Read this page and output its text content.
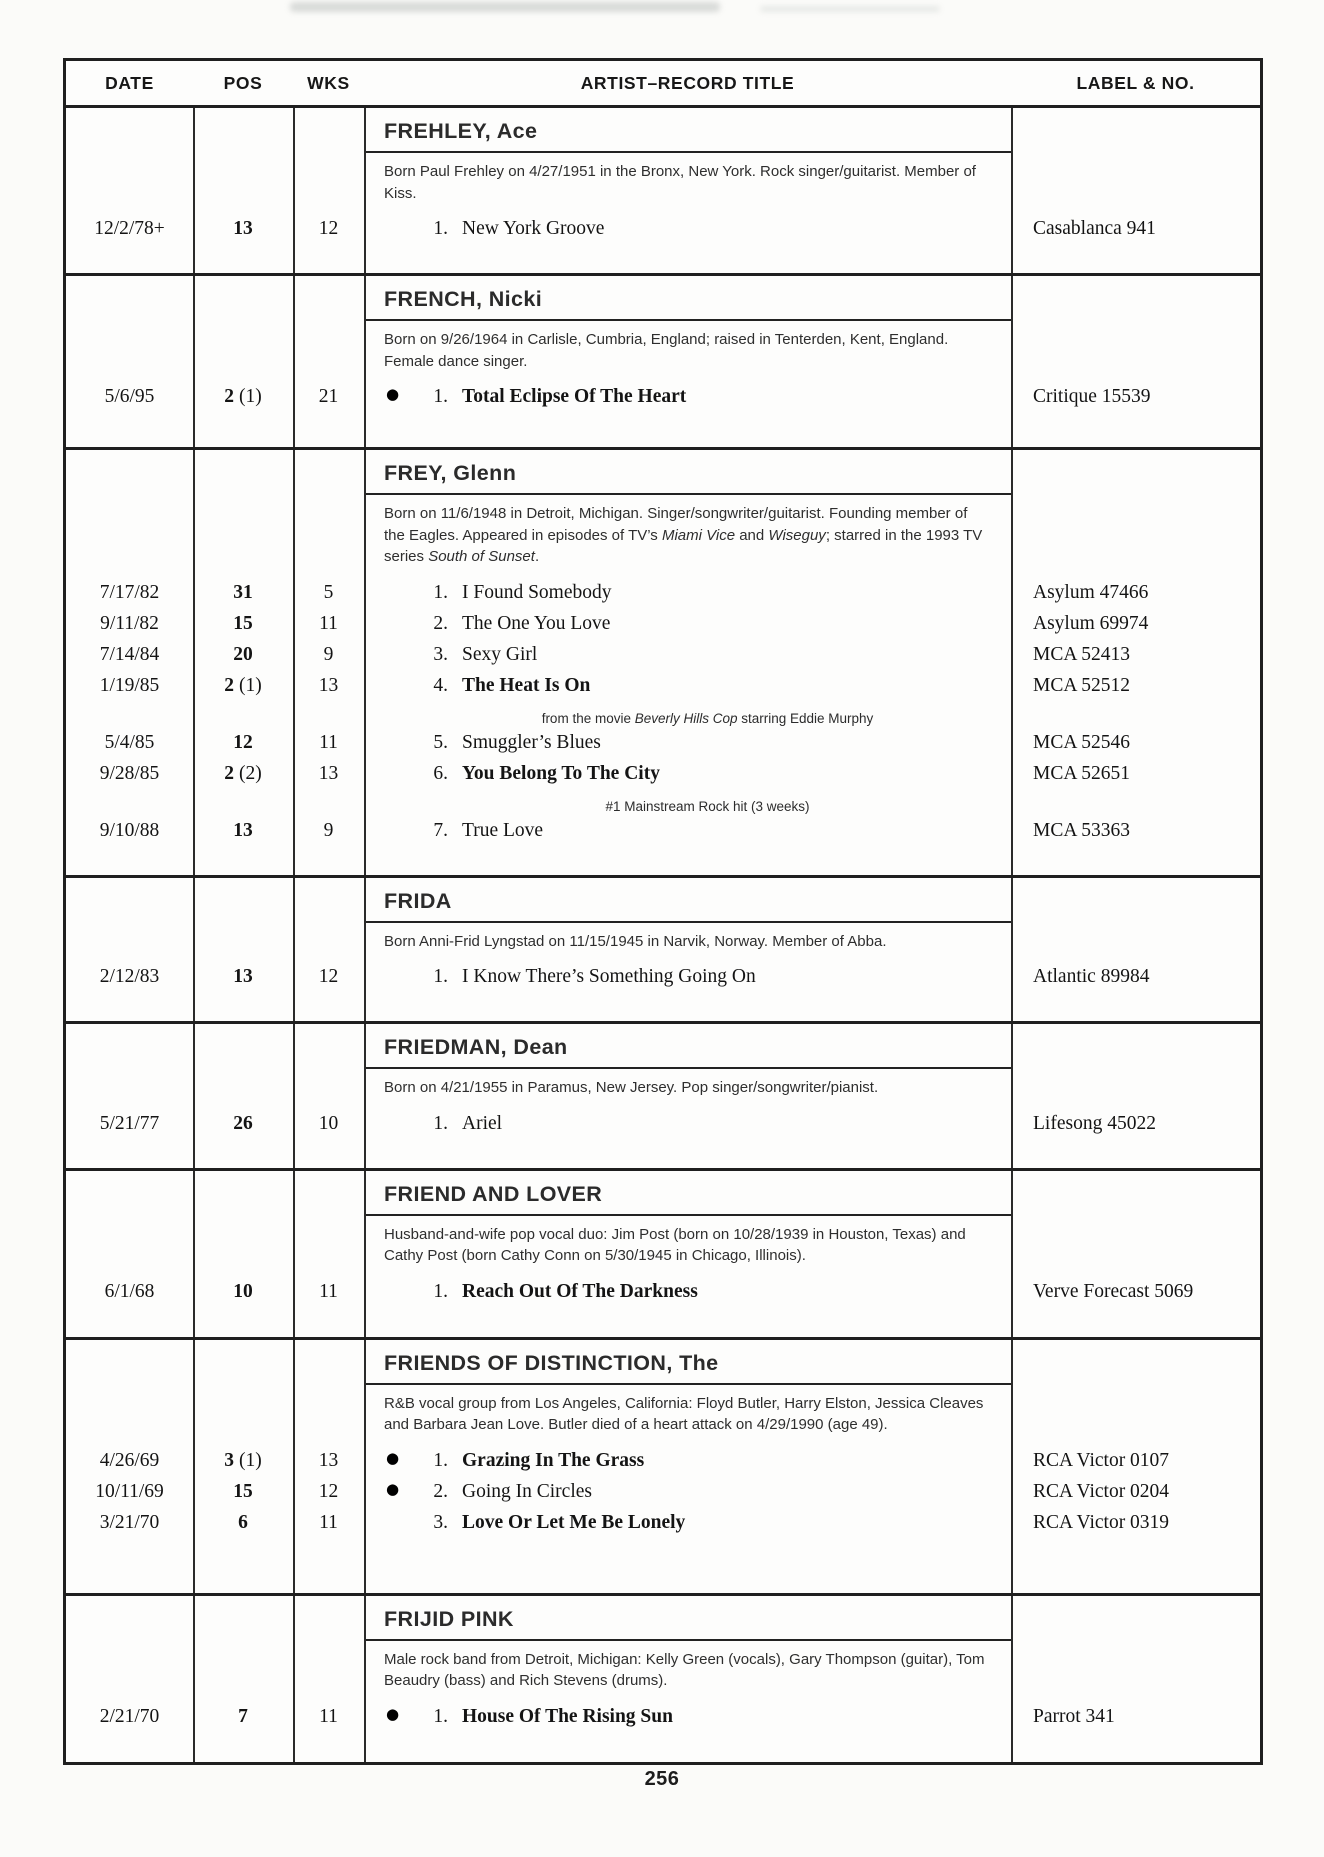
DATE	POS	WKS	ARTIST–RECORD TITLE	LABEL & NO.
FREHLEY, Ace

Born Paul Frehley on 4/27/1951 in the Bronx, New York. Rock singer/guitarist. Member of Kiss.

12/2/78+	13	12	1. New York Groove	Casablanca 941
FRENCH, Nicki

Born on 9/26/1964 in Carlisle, Cumbria, England; raised in Tenterden, Kent, England. Female dance singer.

5/6/95	2 (1)	21	● 1. Total Eclipse Of The Heart	Critique 15539
FREY, Glenn

Born on 11/6/1948 in Detroit, Michigan. Singer/songwriter/guitarist. Founding member of the Eagles. Appeared in episodes of TV’s Miami Vice and Wiseguy; starred in the 1993 TV series South of Sunset.

7/17/82	31	5	1. I Found Somebody	Asylum 47466
9/11/82	15	11	2. The One You Love	Asylum 69974
7/14/84	20	9	3. Sexy Girl	MCA 52413
1/19/85	2 (1)	13	4. The Heat Is On	MCA 52512
from the movie Beverly Hills Cop starring Eddie Murphy
5/4/85	12	11	5. Smuggler’s Blues	MCA 52546
9/28/85	2 (2)	13	6. You Belong To The City	MCA 52651
#1 Mainstream Rock hit (3 weeks)
9/10/88	13	9	7. True Love	MCA 53363
FRIDA

Born Anni-Frid Lyngstad on 11/15/1945 in Narvik, Norway. Member of Abba.

2/12/83	13	12	1. I Know There’s Something Going On	Atlantic 89984
FRIEDMAN, Dean

Born on 4/21/1955 in Paramus, New Jersey. Pop singer/songwriter/pianist.

5/21/77	26	10	1. Ariel	Lifesong 45022
FRIEND AND LOVER

Husband-and-wife pop vocal duo: Jim Post (born on 10/28/1939 in Houston, Texas) and Cathy Post (born Cathy Conn on 5/30/1945 in Chicago, Illinois).

6/1/68	10	11	1. Reach Out Of The Darkness	Verve Forecast 5069
FRIENDS OF DISTINCTION, The

R&B vocal group from Los Angeles, California: Floyd Butler, Harry Elston, Jessica Cleaves and Barbara Jean Love. Butler died of a heart attack on 4/29/1990 (age 49).

4/26/69	3 (1)	13	● 1. Grazing In The Grass	RCA Victor 0107
10/11/69	15	12	● 2. Going In Circles	RCA Victor 0204
3/21/70	6	11	3. Love Or Let Me Be Lonely	RCA Victor 0319
FRIJID PINK

Male rock band from Detroit, Michigan: Kelly Green (vocals), Gary Thompson (guitar), Tom Beaudry (bass) and Rich Stevens (drums).

2/21/70	7	11	● 1. House Of The Rising Sun	Parrot 341
256
